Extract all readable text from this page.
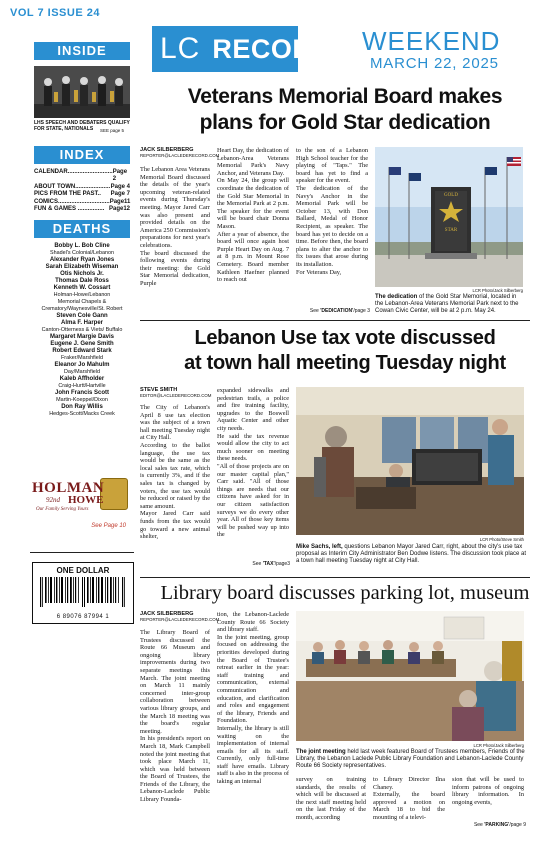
VOL 7 ISSUE 24
LC RECORD WEEKEND
MARCH 22, 2025
INSIDE
LHS SPEECH AND DEBATERS QUALIFY FOR STATE, NATIONALS	SEE page 5
INDEX
CALENDAR........................... Page 2
ABOUT TOWN..................... Page 4
PICS FROM THE PAST.. Page 7
COMICS............................... Page11
FUN & GAMES ................ Page12
DEATHS
Bobby L. Bob Cline
Shadel's Colonial/Lebanon
Alexander Ryan Jones
Sarah Elizabeth Wiseman
Otis Nichols Jr.
Thomas Dale Ross
Kenneth W. Cossart
Holman-Howe/Lebanon
Memorial Chapels & Crematory/Waynesville/St. Robert
Steven Cole Gann
Alma F. Harper
Canton-Otterness & Viets/ Buffalo
Margaret Margie Davis
Eugene J. Gene Smith
Robert Edward Stark
Fraker/Marshfield
Eleanor Jo Mahulm
Day/Marshfield
Kaleb Affholder
Craig-Hurtt/Hartville
John Francis Scott
Martin-Koeppel/Dixon
Don Ray Willis
Hedges-Scott/Macks Creek
HOLMAN
92nd HOWE
Our Family Serving Yours
See Page 10
ONE DOLLAR
6 89076 87994 1
Veterans Memorial Board makes
plans for Gold Star dedication
JACK SILBERBERG
REPORTER@LACLEDERECORD.COM
The Lebanon Area Veterans Memorial Board discussed the details of the year's upcoming veteran-related events during Thursday's meeting. Mayor Jared Carr was also present and provided details on the America 250 Commission's preparations for next year's celebrations.
The board discussed the following events during their meeting: the Gold Star Memorial dedication, Purple
Heart Day, the dedication of Lebanon-Area Veterans Memorial Park's Navy Anchor, and Veterans Day.
On May 24, the group will coordinate the dedication of the Gold Star Memorial in the Memorial Park at 2 p.m. The speaker for the event will be board chair Donna Mason.
After a year of absence, the board will once again host Purple Heart Day on Aug. 7 at 8 p.m. in Mount Rose Cemetery. Board member Kathleen Haefner planned to reach out
to the son of a Lebanon High School teacher for the playing of "Taps." The board has yet to find a speaker for the event.
The dedication of the Navy's Anchor in the Memorial Park will be October 13, with Don Ballard, Medal of Honor Recipient, as speaker. The board has yet to decide on a time. Before then, the board plans to alter the anchor to fix issues that arose during its installation.
For Veterans Day,
See 'DEDICATION'/page 3
GOLD
STAR
LCR Photo/Jack Silberberg
The dedication of the Gold Star Memorial, located in the Lebanon-Area Veterans Memorial Park next to the Cowan Civic Center, will be at 2 p.m. May 24.
Lebanon Use tax vote discussed
at town hall meeting Tuesday night
STEVE SMITH
EDITOR@LACLEDERECORD.COM
The City of Lebanon's April 8 use tax election was the subject of a town hall meeting Tuesday night at City Hall.
According to the ballot language, the use tax would be the same as the local sales tax rate, which is currently 3%, and if the sales tax is changed by voters, the use tax would be reduced or raised by the same amount.
Mayor Jared Carr said funds from the tax would go toward a new animal shelter,
expanded sidewalks and pedestrian trails, a police and fire training facility, upgrades to the Boswell Aquatic Center and other city needs.
He said the tax revenue would allow the city to act much sooner on meeting these needs.
"All of those projects are on our master capital plan," Carr said. "All of those things are needs that our citizens have asked for in our citizen satisfaction surveys we do every other year. All of those key items will be pushed way up into the
See 'TAX'/page3
LCR Photo/Steve Smith
Mike Sachs, left, questions Lebanon Mayor Jared Carr, right, about the city's use tax proposal as Interim City Administrator Ben Dodwe listens. The discussion took place at a town hall meeting Tuesday night at City Hall.
Library board discusses parking lot, museum
JACK SILBERBERG
REPORTER@LACLEDERECORD.COM
The Library Board of Trustees discussed the Route 66 Museum and ongoing library improvements during two separate meetings this March. The joint meeting on March 11 mainly concerned inter-group collaboration between various library groups, and the March 18 meeting was the board's regular meeting.
In his president's report on March 18, Mark Campbell noted the joint meeting that took place March 11, which was held between the Board of Trustees, the Friends of the Library, the Lebanon-Laclede Public Library Founda-
tion, the Lebanon-Laclede County Route 66 Society and library staff.
In the joint meeting, group focused on addressing the priorities developed during the Board of Trustee's retreat earlier in the year: staff training and communication, external communication and education, and clarification and roles and engagement of the library, Friends and Foundation.
Internally, the library is still waiting on the implementation of internal emails for all its staff. Currently, only full-time staff have emails. Library staff is also in the process of taking an internal
LCR Photo/Jack Silberberg
The joint meeting held last week featured Board of Trustees members, Friends of the Library, the Lebanon Laclede Public Library Foundation and Lebanon-Laclede County Route 66 Society representatives.
survey on training standards, the results of which will be discussed at the next staff meeting held on the last Friday of the month, according
to Library Director Ilna Chaney.
Externally, the board approved a motion on March 18 to bid the mounting of a televi-
sion that will be used to inform patrons of ongoing library information. In ongoing events,
See 'PARKING'/page 9
